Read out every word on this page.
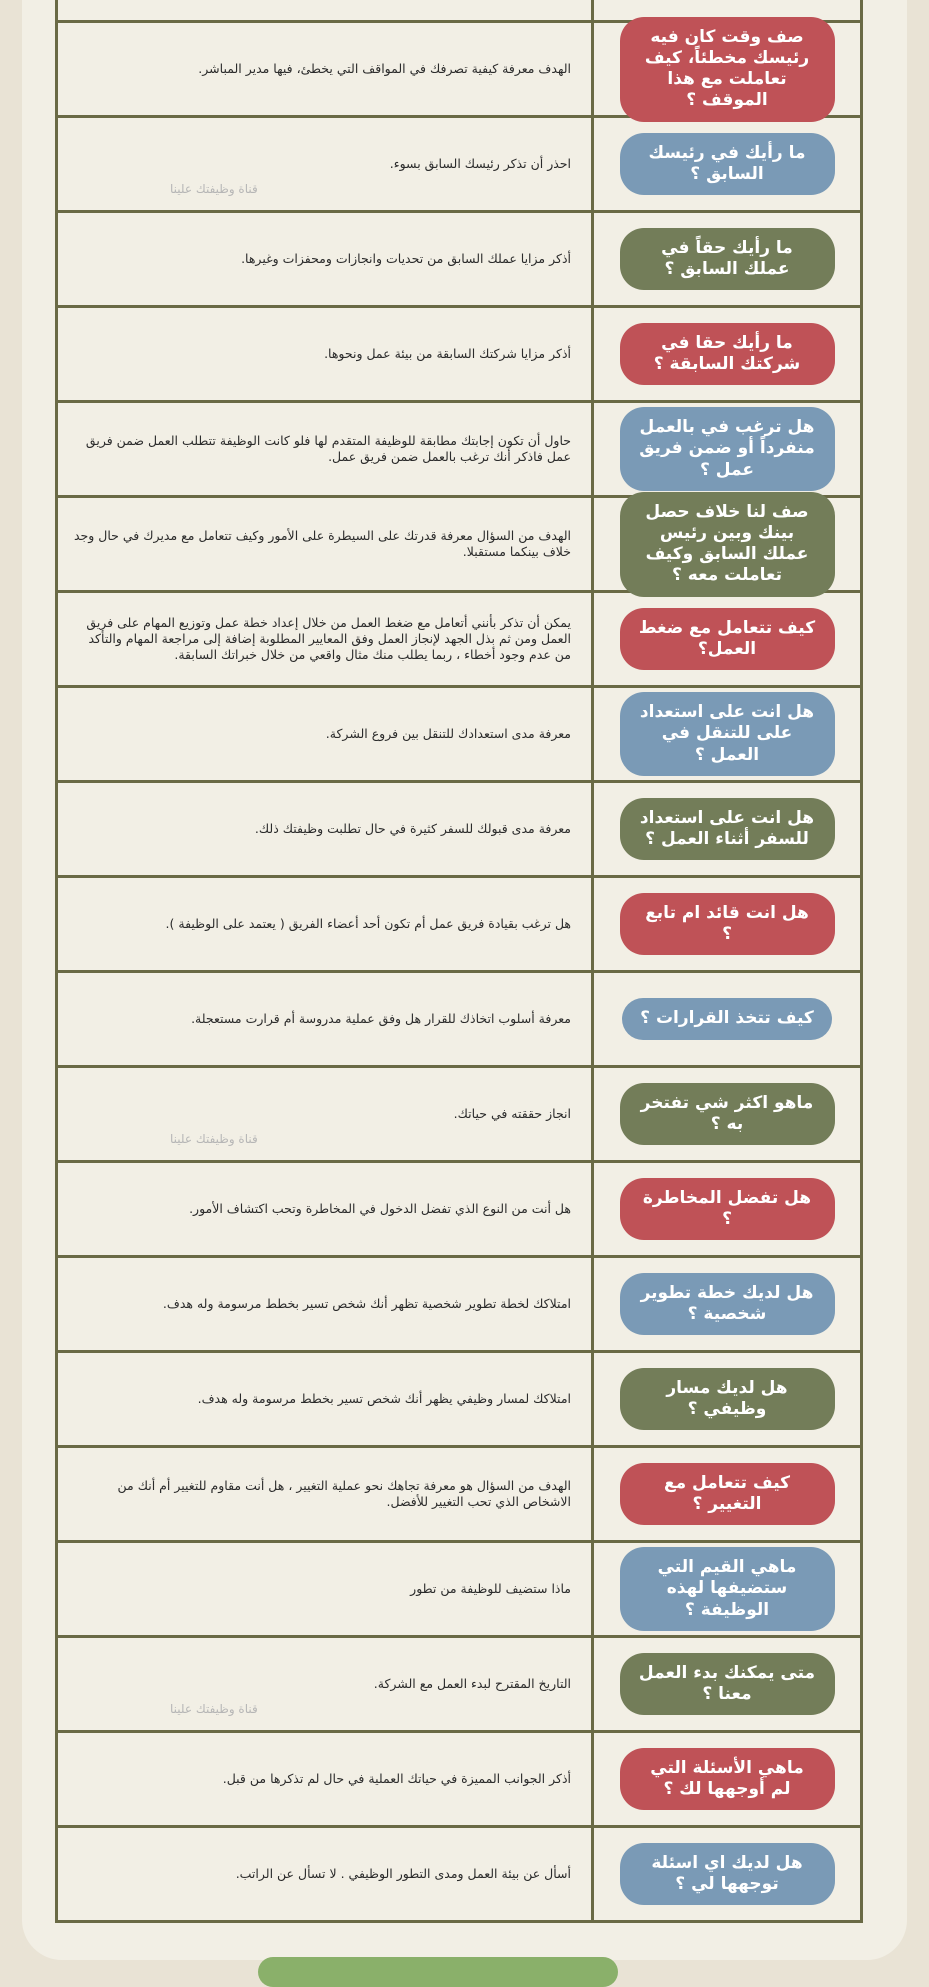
صف وقت كان فيه رئيسك مخطئاً، كيف تعاملت مع هذا الموقف ؟
الهدف معرفة كيفية تصرفك في المواقف التي يخطئ، فيها مدير المباشر.
ما رأيك في رئيسك السابق ؟
احذر أن تذكر رئيسك السابق بسوء.
قناة وظيفتك علينا
ما رأيك حقاً في عملك السابق ؟
أذكر مزايا عملك السابق من تحديات وانجازات ومحفزات وغيرها.
ما رأيك حقا في شركتك السابقة ؟
أذكر مزايا شركتك السابقة من بيئة عمل ونحوها.
هل ترغب في بالعمل منفرداً أو ضمن فريق عمل ؟
حاول أن تكون إجابتك مطابقة للوظيفة المتقدم لها فلو كانت الوظيفة تتطلب العمل ضمن فريق عمل فاذكر أنك ترغب بالعمل ضمن فريق عمل.
صف لنا خلاف حصل بينك وبين رئيس عملك السابق وكيف تعاملت معه ؟
الهدف من السؤال معرفة قدرتك على السيطرة على الأمور وكيف تتعامل مع مديرك في حال وجد خلاف بينكما مستقبلا.
كيف تتعامل مع ضغط العمل؟
يمكن أن تذكر بأنني أتعامل مع ضغط العمل من خلال إعداد خطة عمل وتوزيع المهام على فريق العمل ومن ثم بذل الجهد لإنجاز العمل وفق المعايير المطلوبة إضافة إلى مراجعة المهام والتأكد من عدم وجود أخطاء ، ربما يطلب منك مثال واقعي من خلال خبراتك السابقة.
هل انت على استعداد على للتنقل في العمل ؟
معرفة مدى استعدادك للتنقل بين فروع الشركة.
هل انت على استعداد للسفر أثناء العمل ؟
معرفة مدى قبولك للسفر كثيرة في حال تطلبت وظيفتك ذلك.
هل انت قائد ام تابع ؟
هل ترغب بقيادة فريق عمل أم تكون أحد أعضاء الفريق ( يعتمد على الوظيفة ).
كيف تتخذ القرارات ؟
معرفة أسلوب اتخاذك للقرار هل وفق عملية مدروسة أم قرارت مستعجلة.
ماهو اكثر شي تفتخر به ؟
انجاز حققته في حياتك.
قناة وظيفتك علينا
هل تفضل المخاطرة ؟
هل أنت من النوع الذي تفضل الدخول في المخاطرة وتحب اكتشاف الأمور.
هل لديك خطة تطوير شخصية ؟
امتلاكك لخطة تطوير شخصية تظهر أنك شخص تسير بخطط مرسومة وله هدف.
هل لديك مسار وظيفي ؟
امتلاكك لمسار وظيفي يظهر أنك شخص تسير بخطط مرسومة وله هدف.
كيف تتعامل مع التغيير ؟
الهدف من السؤال هو معرفة تجاهك نحو عملية التغيير ، هل أنت مقاوم للتغيير أم أنك من الاشخاص الذي تحب التغيير للأفضل.
ماهي القيم التي ستضيفها لهذه الوظيفة ؟
ماذا ستضيف للوظيفة من تطور
متى يمكنك بدء العمل معنا ؟
التاريخ المقترح لبدء العمل مع الشركة.
قناة وظيفتك علينا
ماهي الأسئلة التي لم أوجهها لك ؟
أذكر الجوانب المميزة في حياتك العملية في حال لم تذكرها من قبل.
هل لديك اي اسئلة توجهها لي ؟
أسأل عن بيئة العمل ومدى التطور الوظيفي . لا تسأل عن الراتب.
